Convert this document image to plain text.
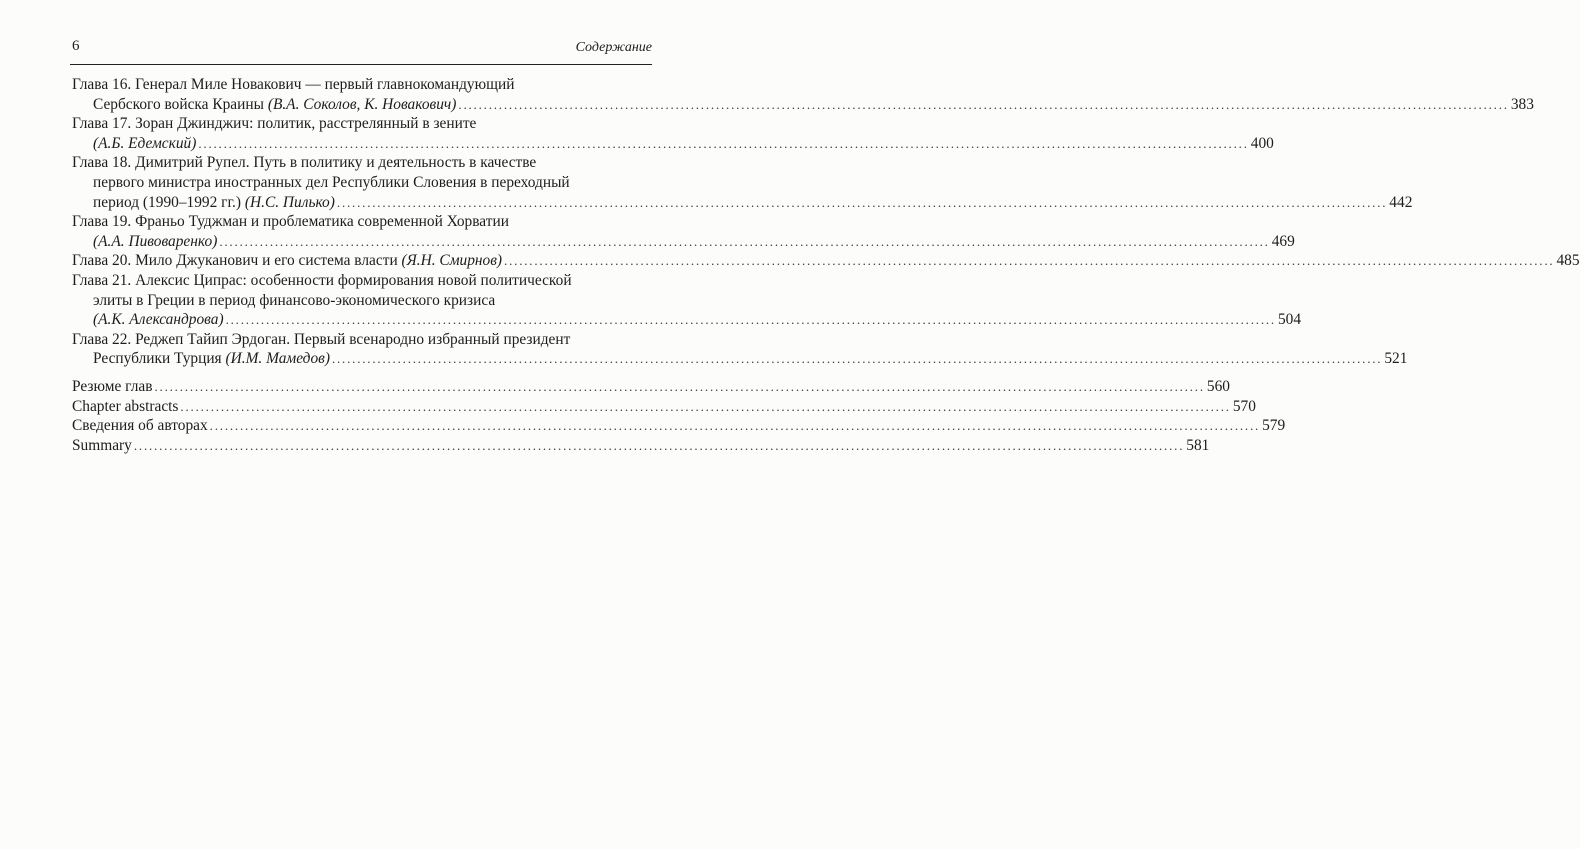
6	Содержание
Глава 16. Генерал Миле Новакович — первый главнокомандующий
Сербского войска Краины (В.А. Соколов, К. Новакович) .....	383
Глава 17. Зоран Джинджич: политик, расстрелянный в зените
(А.Б. Едемский) .....	400
Глава 18. Димитрий Рупел. Путь в политику и деятельность в качестве
первого министра иностранных дел Республики Словения в переходный
период (1990–1992 гг.) (Н.С. Пилько) .....	442
Глава 19. Франьо Туджман и проблематика современной Хорватии
(А.А. Пивоваренко) .....	469
Глава 20. Мило Джуканович и его система власти (Я.Н. Смирнов) .....	485
Глава 21. Алексис Ципрас: особенности формирования новой политической
элиты в Греции в период финансово-экономического кризиса
(А.К. Александрова) .....	504
Глава 22. Реджеп Тайип Эрдоган. Первый всенародно избранный президент
Республики Турция (И.М. Мамедов) .....	521
Резюме глав .....	560
Chapter abstracts .....	570
Сведения об авторах .....	579
Summary .....	581
